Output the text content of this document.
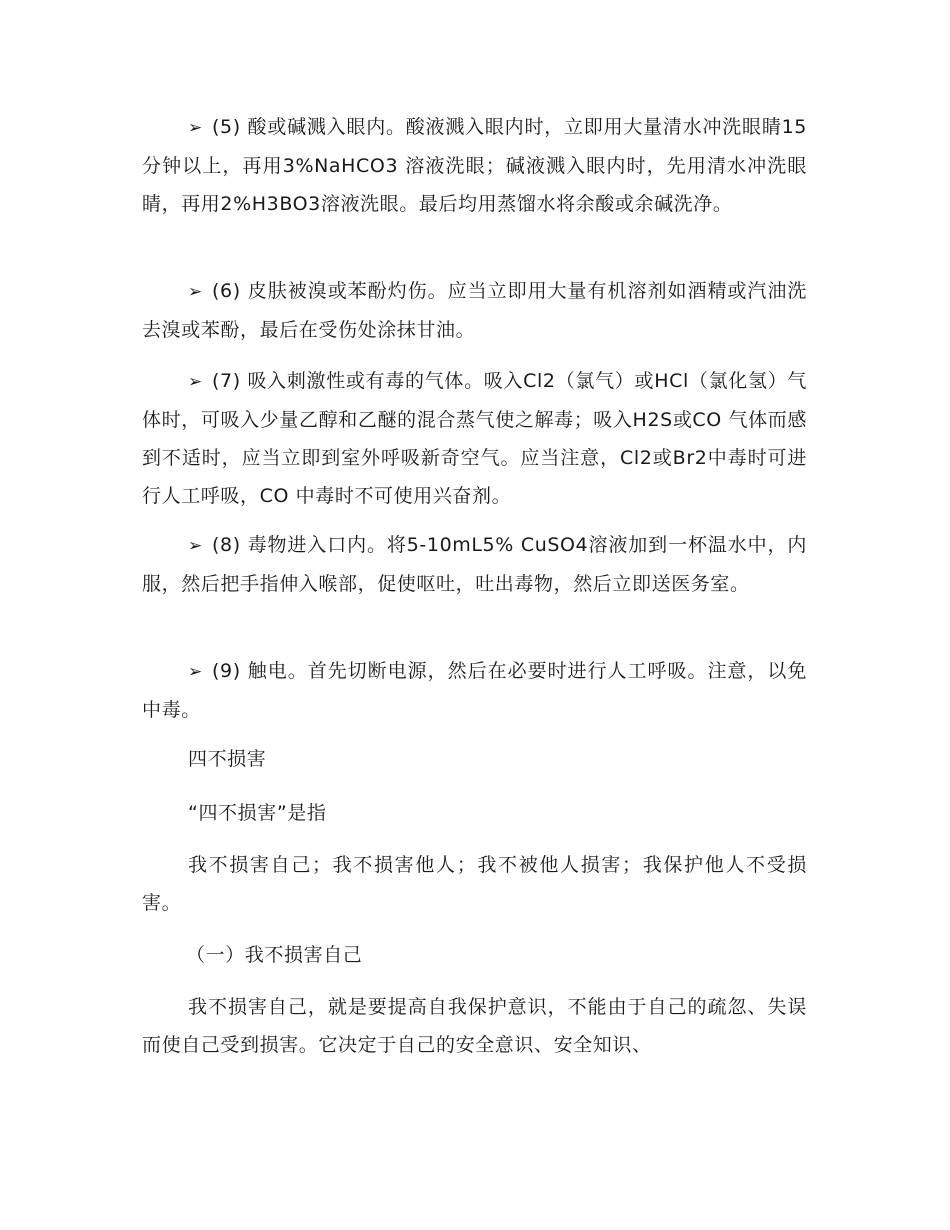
➢ (5) 酸或碱溅入眼内。酸液溅入眼内时，立即用大量清水冲洗眼睛15分钟以上，再用3%NaHCO3 溶液洗眼；碱液溅入眼内时，先用清水冲洗眼睛，再用2%H3BO3溶液洗眼。最后均用蒸馏水将余酸或余碱洗净。

➢ (6) 皮肤被溴或苯酚灼伤。应当立即用大量有机溶剂如酒精或汽油洗去溴或苯酚，最后在受伤处涂抹甘油。

➢ (7) 吸入刺激性或有毒的气体。吸入Cl2（氯气）或HCl（氯化氢）气体时，可吸入少量乙醇和乙醚的混合蒸气使之解毒；吸入H2S或CO 气体而感到不适时，应当立即到室外呼吸新奇空气。应当注意，Cl2或Br2中毒时可进行人工呼吸，CO 中毒时不可使用兴奋剂。

➢ (8) 毒物进入口内。将5-10mL5% CuSO4溶液加到一杯温水中，内服，然后把手指伸入喉部，促使呕吐，吐出毒物，然后立即送医务室。

➢ (9) 触电。首先切断电源，然后在必要时进行人工呼吸。注意，以免中毒。

四不损害

“四不损害”是指

我不损害自己；我不损害他人；我不被他人损害；我保护他人不受损害。

（一）我不损害自己

我不损害自己，就是要提高自我保护意识，不能由于自己的疏忽、失误而使自己受到损害。它决定于自己的安全意识、安全知识、
